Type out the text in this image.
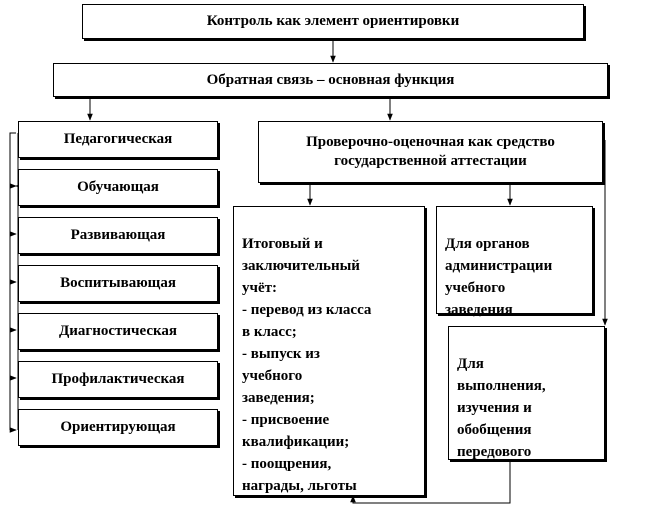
Контроль как элемент ориентировки
Обратная связь – основная функция
Педагогическая
Обучающая
Развивающая
Воспитывающая
Диагностическая
Профилактическая
Ориентирующая
Проверочно-оценочная как средство государственной аттестации

Итоговый и
заключительный
учёт:
- перевод из класса
в класс;
- выпуск из
учебного
заведения;
- присвоение
квалификации;
- поощрения,
награды, льготы

Для органов
администрации
учебного
заведения

Для
выполнения,
изучения и
обобщения
передового
